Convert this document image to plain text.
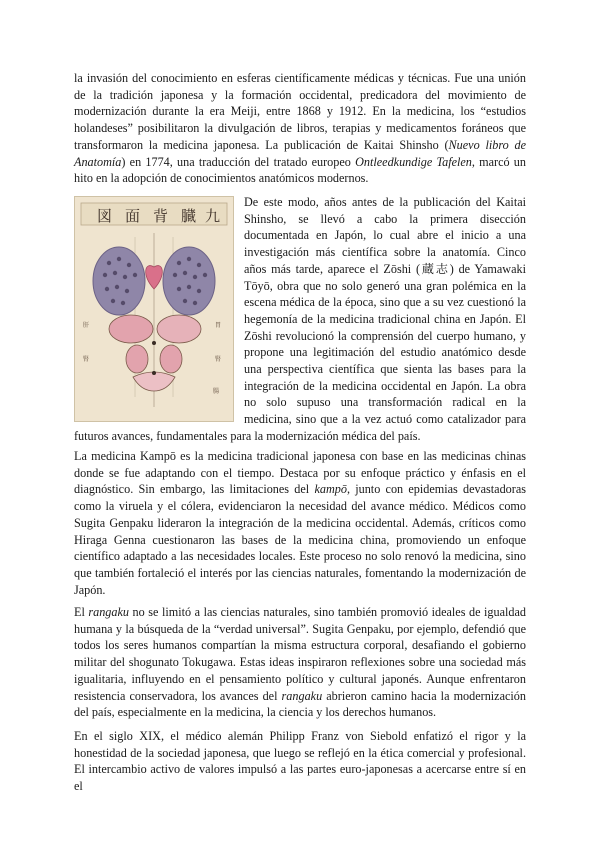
la invasión del conocimiento en esferas científicamente médicas y técnicas. Fue una unión de la tradición japonesa y la formación occidental, predicadora del movimiento de modernización durante la era Meiji, entre 1868 y 1912. En la medicina, los “estudios holandeses” posibilitaron la divulgación de libros, terapias y medicamentos foráneos que transformaron la medicina japonesa. La publicación de Kaitai Shinsho (Nuevo libro de Anatomía) en 1774, una traducción del tratado europeo Ontleedkundige Tafelen, marcó un hito en la adopción de conocimientos anatómicos modernos.

図 面 背 臓 九
肝	胃
腎	腎
腸

De este modo, años antes de la publicación del Kaitai Shinsho, se llevó a cabo la primera disección documentada en Japón, lo cual abre el inicio a una investigación más científica sobre la anatomía. Cinco años más tarde, aparece el Zōshi (蔵志) de Yamawaki Tōyō, obra que no solo generó una gran polémica en la escena médica de la época, sino que a su vez cuestionó la hegemonía de la medicina tradicional china en Japón. El Zōshi revolucionó la comprensión del cuerpo humano, y propone una legitimación del estudio anatómico desde una perspectiva científica que sienta las bases para la integración de la medicina occidental en Japón. La obra no solo supuso una transformación radical en la medicina, sino que a la vez actuó como catalizador para futuros avances, fundamentales para la modernización médica del país.

La medicina Kampō es la medicina tradicional japonesa con base en las medicinas chinas donde se fue adaptando con el tiempo. Destaca por su enfoque práctico y énfasis en el diagnóstico. Sin embargo, las limitaciones del kampō, junto con epidemias devastadoras como la viruela y el cólera, evidenciaron la necesidad del avance médico. Médicos como Sugita Genpaku lideraron la integración de la medicina occidental. Además, críticos como Hiraga Genna cuestionaron las bases de la medicina china, promoviendo un enfoque científico adaptado a las necesidades locales. Este proceso no solo renovó la medicina, sino que también fortaleció el interés por las ciencias naturales, fomentando la modernización de Japón.

El rangaku no se limitó a las ciencias naturales, sino también promovió ideales de igualdad humana y la búsqueda de la “verdad universal”. Sugita Genpaku, por ejemplo, defendió que todos los seres humanos compartían la misma estructura corporal, desafiando el gobierno militar del shogunato Tokugawa. Estas ideas inspiraron reflexiones sobre una sociedad más igualitaria, influyendo en el pensamiento político y cultural japonés. Aunque enfrentaron resistencia conservadora, los avances del rangaku abrieron camino hacia la modernización del país, especialmente en la medicina, la ciencia y los derechos humanos.

En el siglo XIX, el médico alemán Philipp Franz von Siebold enfatizó el rigor y la honestidad de la sociedad japonesa, que luego se reflejó en la ética comercial y profesional. El intercambio activo de valores impulsó a las partes euro-japonesas a acercarse entre sí en el
